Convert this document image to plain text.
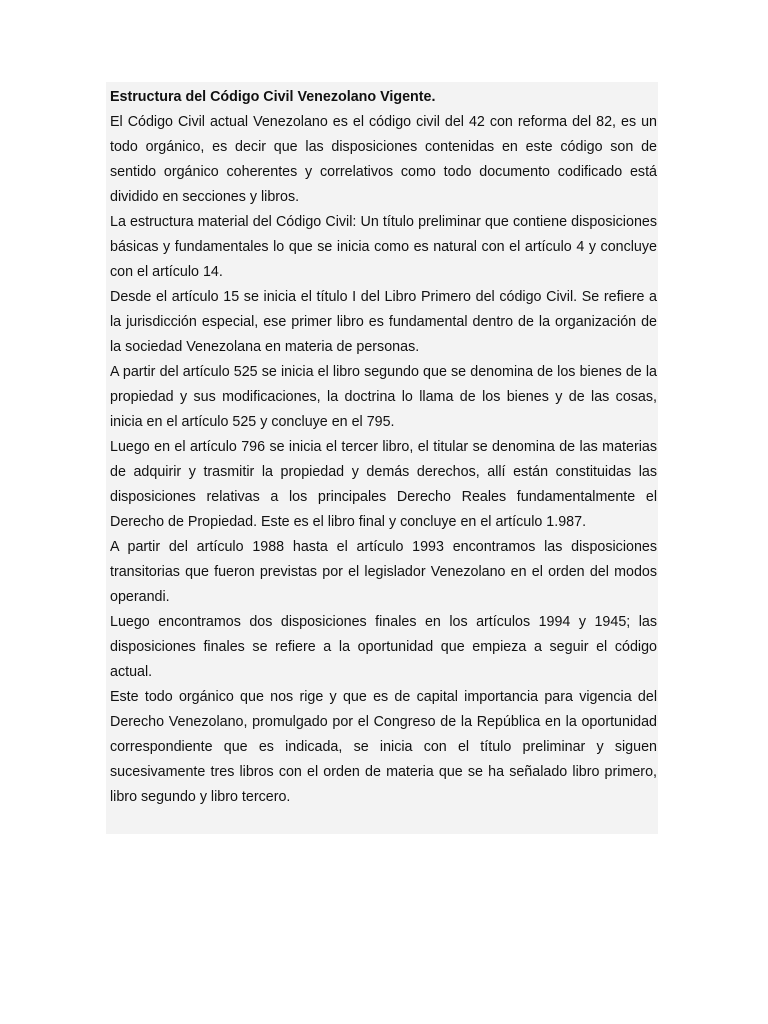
Estructura del Código Civil Venezolano Vigente.

El Código Civil actual Venezolano es el código civil del 42 con reforma del 82, es un todo orgánico, es decir que las disposiciones contenidas en este código son de sentido orgánico coherentes y correlativos como todo documento codificado está dividido en secciones y libros.

La estructura material del Código Civil: Un título preliminar que contiene disposiciones básicas y fundamentales lo que se inicia como es natural con el artículo 4 y concluye con el artículo 14.

Desde el artículo 15 se inicia el título I del Libro Primero del código Civil. Se refiere a la jurisdicción especial, ese primer libro es fundamental dentro de la organización de la sociedad Venezolana en materia de personas.

A partir del artículo 525 se inicia el libro segundo que se denomina de los bienes de la propiedad y sus modificaciones, la doctrina lo llama de los bienes y de las cosas, inicia en el artículo 525 y concluye en el 795.

Luego en el artículo 796 se inicia el tercer libro, el titular se denomina de las materias de adquirir y trasmitir la propiedad y demás derechos, allí están constituidas las disposiciones relativas a los principales Derecho Reales fundamentalmente el Derecho de Propiedad. Este es el libro final y concluye en el artículo 1.987.

A partir del artículo 1988 hasta el artículo 1993 encontramos las disposiciones transitorias que fueron previstas por el legislador Venezolano en el orden del modos operandi.

Luego encontramos dos disposiciones finales en los artículos 1994 y 1945; las disposiciones finales se refiere a la oportunidad que empieza a seguir el código actual.

Este todo orgánico que nos rige y que es de capital importancia para vigencia del Derecho Venezolano, promulgado por el Congreso de la República en la oportunidad correspondiente que es indicada, se inicia con el título preliminar y siguen sucesivamente tres libros con el orden de materia que se ha señalado libro primero, libro segundo y libro tercero.
